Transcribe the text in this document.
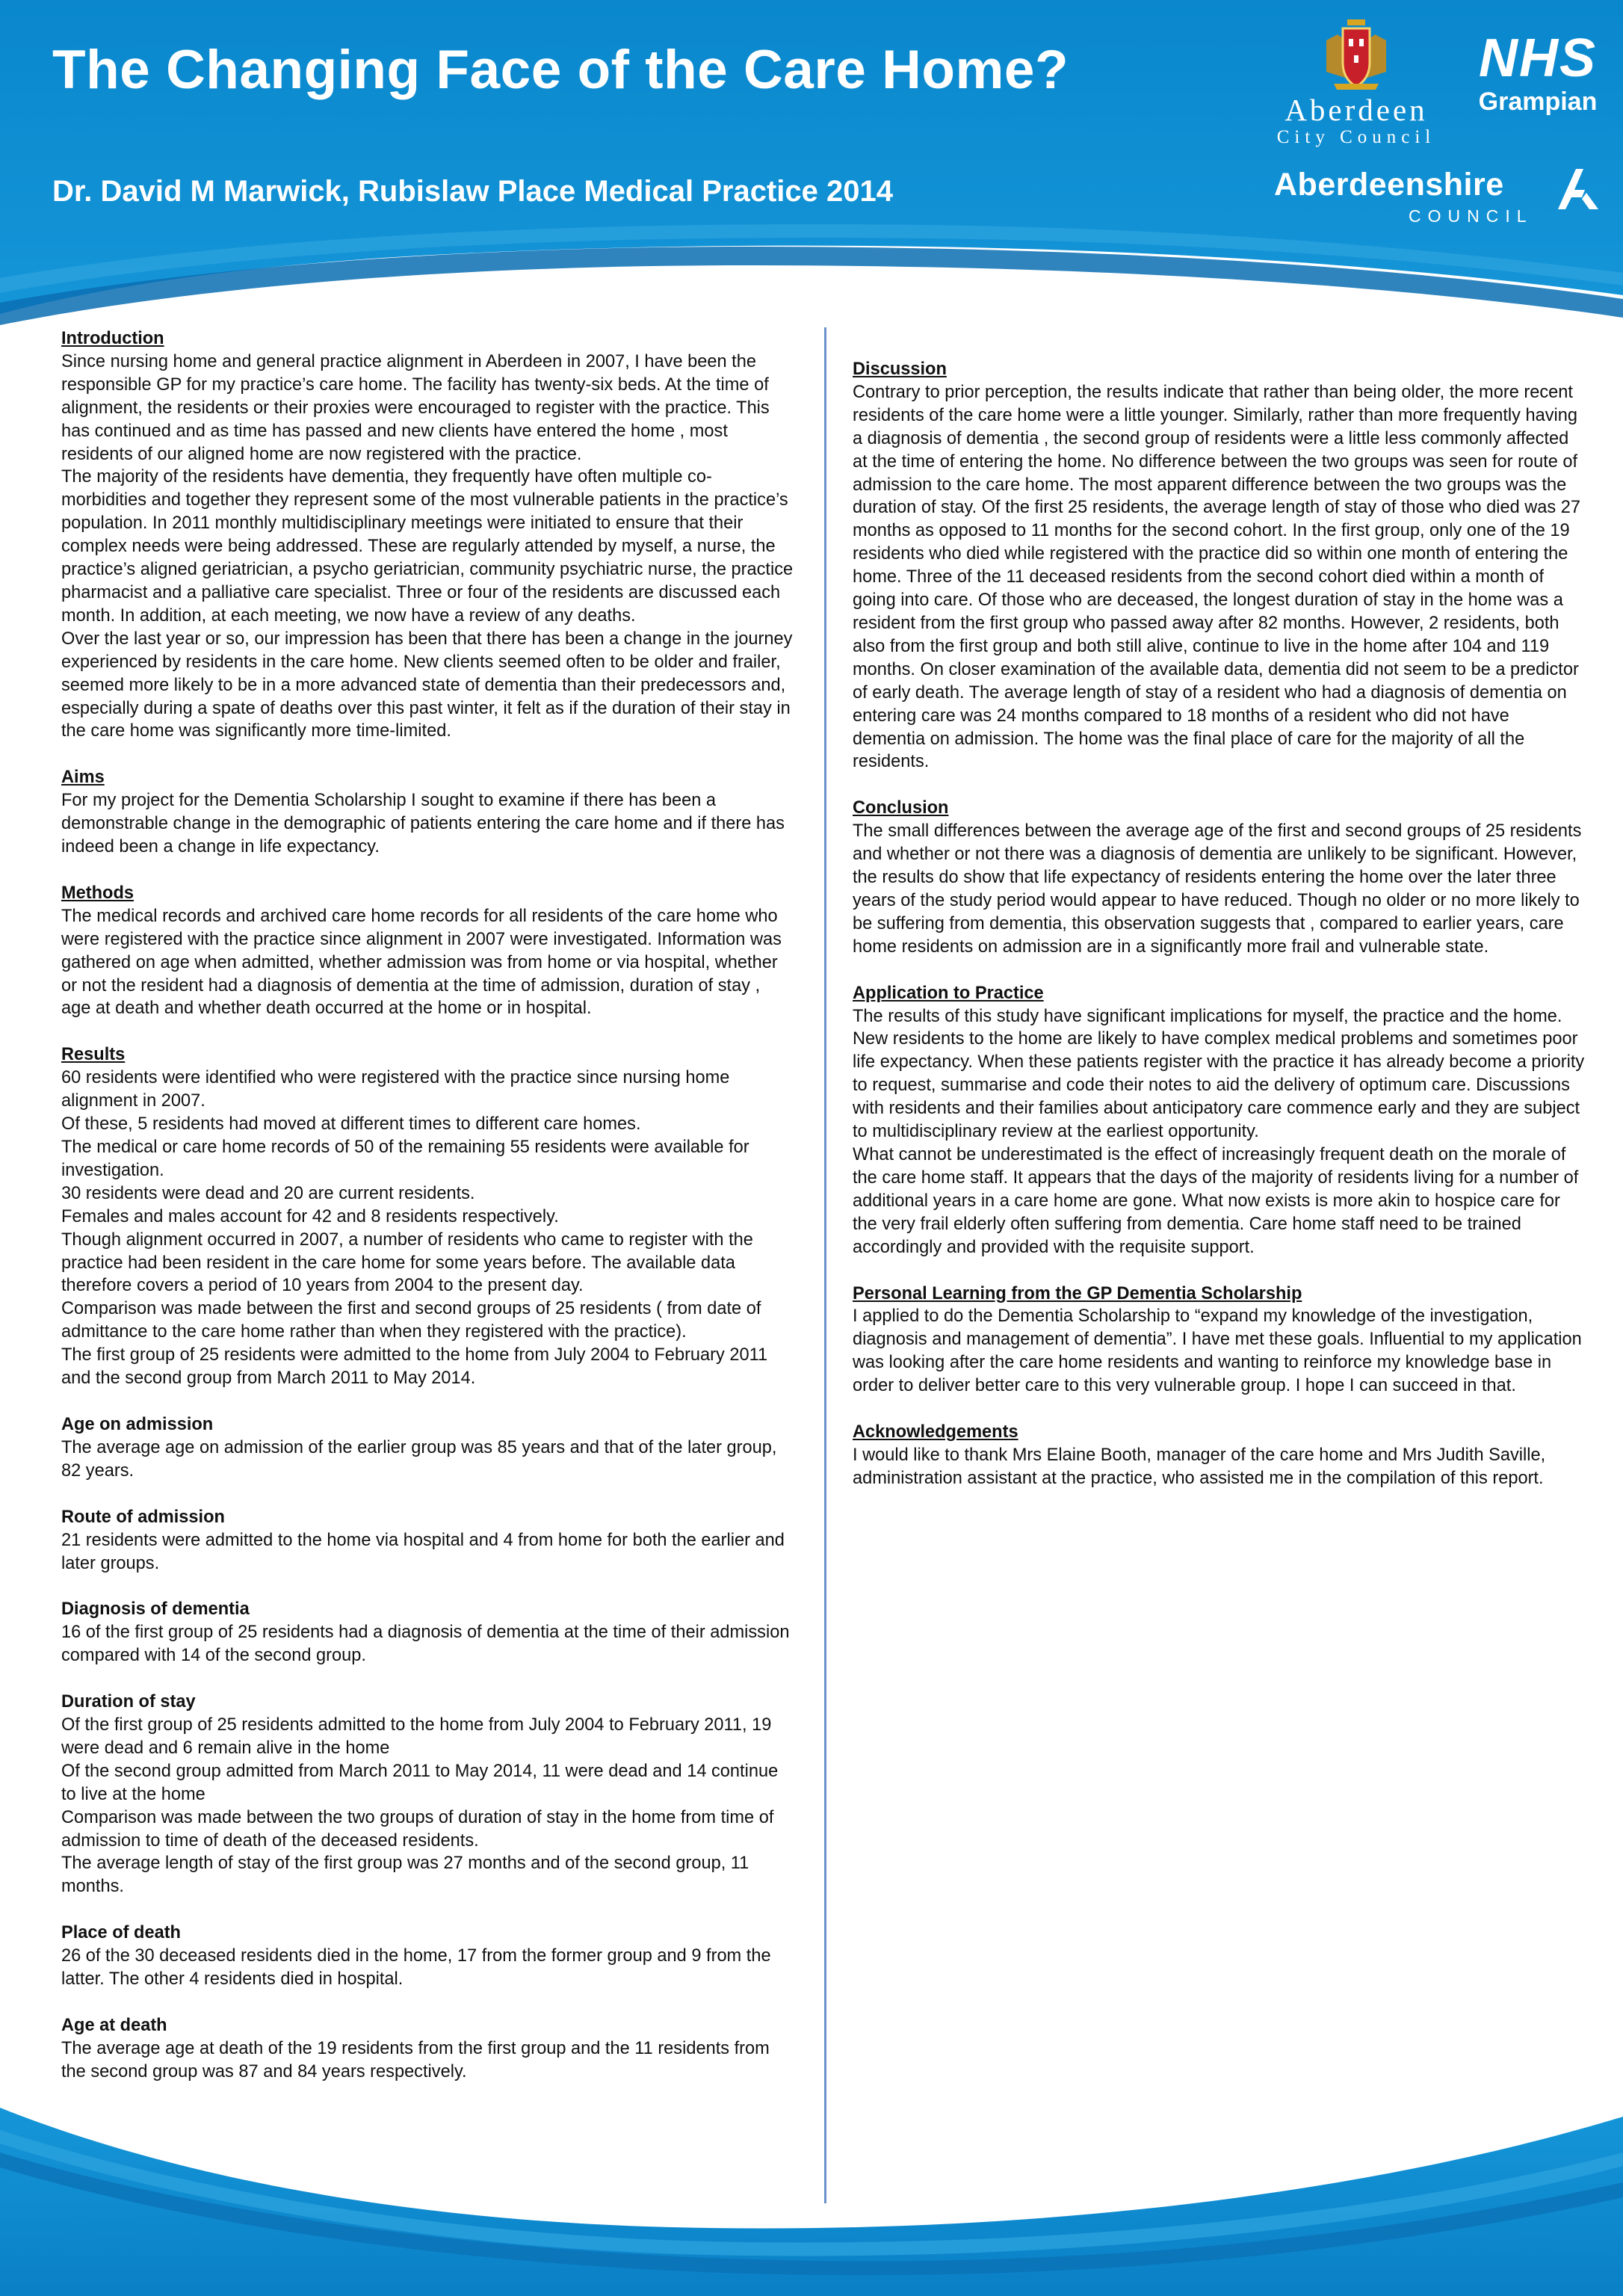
The Changing Face of the Care Home?
Dr. David M Marwick, Rubislaw Place Medical Practice 2014
Aberdeen
City Council
NHS
Grampian
Aberdeenshire
COUNCIL
Introduction

Since nursing home and general practice alignment in Aberdeen in 2007, I have been the responsible GP for my practice’s care home. The facility has twenty-six beds. At the time of alignment, the residents or their proxies were encouraged to register with the practice. This has continued and as time has passed and new clients have entered the home , most residents of our aligned home are now registered with the practice.

The majority of the residents have dementia, they frequently have often multiple co-morbidities and together they represent some of the most vulnerable patients in the practice’s population. In 2011 monthly multidisciplinary meetings were initiated to ensure that their complex needs were being addressed. These are regularly attended by myself, a nurse, the practice’s aligned geriatrician, a psycho geriatrician, community psychiatric nurse, the practice pharmacist and a palliative care specialist. Three or four of the residents are discussed each month. In addition, at each meeting, we now have a review of any deaths.

Over the last year or so, our impression has been that there has been a change in the journey experienced by residents in the care home. New clients seemed often to be older and frailer, seemed more likely to be in a more advanced state of dementia than their predecessors and, especially during a spate of deaths over this past winter, it felt as if the duration of their stay in the care home was significantly more time-limited.

Aims

For my project for the Dementia Scholarship I sought to examine if there has been a demonstrable change in the demographic of patients entering the care home and if there has indeed been a change in life expectancy.

Methods

The medical records and archived care home records for all residents of the care home who were registered with the practice since alignment in 2007 were investigated. Information was gathered on age when admitted, whether admission was from home or via hospital, whether or not the resident had a diagnosis of dementia at the time of admission, duration of stay , age at death and whether death occurred at the home or in hospital.

Results

60 residents were identified who were registered with the practice since nursing home alignment in 2007.

Of these, 5 residents had moved at different times to different care homes.

The medical or care home records of 50 of the remaining 55 residents were available for investigation.

30 residents were dead and 20 are current residents.

Females and males account for 42 and 8 residents respectively.

Though alignment occurred in 2007, a number of residents who came to register with the practice had been resident in the care home for some years before. The available data therefore covers a period of 10 years from 2004 to the present day.

Comparison was made between the first and second groups of 25 residents ( from date of admittance to the care home rather than when they registered with the practice).

The first group of 25 residents were admitted to the home from July 2004 to February 2011 and the second group from March 2011 to May 2014.

Age on admission

The average age on admission of the earlier group was 85 years and that of the later group, 82 years.

Route of admission

21 residents were admitted to the home via hospital and 4 from home for both the earlier and later groups.

Diagnosis of dementia

16 of the first group of 25 residents had a diagnosis of dementia at the time of their admission compared with 14 of the second group.

Duration of stay

Of the first group of 25 residents admitted to the home from July 2004 to February 2011, 19 were dead and 6 remain alive in the home

Of the second group admitted from March 2011 to May 2014, 11 were dead and 14 continue to live at the home

Comparison was made between the two groups of duration of stay in the home from time of admission to time of death of the deceased residents.

The average length of stay of the first group was 27 months and of the second group, 11 months.

Place of death

26 of the 30 deceased residents died in the home, 17 from the former group and 9 from the latter. The other 4 residents died in hospital.

Age at death

The average age at death of the 19 residents from the first group and the 11 residents from the second group was 87 and 84 years respectively.

Discussion

Contrary to prior perception, the results indicate that rather than being older, the more recent residents of the care home were a little younger. Similarly, rather than more frequently having a diagnosis of dementia , the second group of residents were a little less commonly affected at the time of entering the home. No difference between the two groups was seen for route of admission to the care home. The most apparent difference between the two groups was the duration of stay. Of the first 25 residents, the average length of stay of those who died was 27 months as opposed to 11 months for the second cohort. In the first group, only one of the 19 residents who died while registered with the practice did so within one month of entering the home. Three of the 11 deceased residents from the second cohort died within a month of going into care. Of those who are deceased, the longest duration of stay in the home was a resident from the first group who passed away after 82 months. However, 2 residents, both also from the first group and both still alive, continue to live in the home after 104 and 119 months. On closer examination of the available data, dementia did not seem to be a predictor of early death. The average length of stay of a resident who had a diagnosis of dementia on entering care was 24 months compared to 18 months of a resident who did not have dementia on admission. The home was the final place of care for the majority of all the residents.

Conclusion

The small differences between the average age of the first and second groups of 25 residents and whether or not there was a diagnosis of dementia are unlikely to be significant. However, the results do show that life expectancy of residents entering the home over the later three years of the study period would appear to have reduced. Though no older or no more likely to be suffering from dementia, this observation suggests that , compared to earlier years, care home residents on admission are in a significantly more frail and vulnerable state.

Application to Practice

The results of this study have significant implications for myself, the practice and the home. New residents to the home are likely to have complex medical problems and sometimes poor life expectancy. When these patients register with the practice it has already become a priority to request, summarise and code their notes to aid the delivery of optimum care. Discussions with residents and their families about anticipatory care commence early and they are subject to multidisciplinary review at the earliest opportunity.

What cannot be underestimated is the effect of increasingly frequent death on the morale of the care home staff. It appears that the days of the majority of residents living for a number of additional years in a care home are gone. What now exists is more akin to hospice care for the very frail elderly often suffering from dementia. Care home staff need to be trained accordingly and provided with the requisite support.

Personal Learning from the GP Dementia Scholarship

I applied to do the Dementia Scholarship to “expand my knowledge of the investigation, diagnosis and management of dementia”. I have met these goals. Influential to my application was looking after the care home residents and wanting to reinforce my knowledge base in order to deliver better care to this very vulnerable group. I hope I can succeed in that.

Acknowledgements

I would like to thank Mrs Elaine Booth, manager of the care home and Mrs Judith Saville, administration assistant at the practice, who assisted me in the compilation of this report.
